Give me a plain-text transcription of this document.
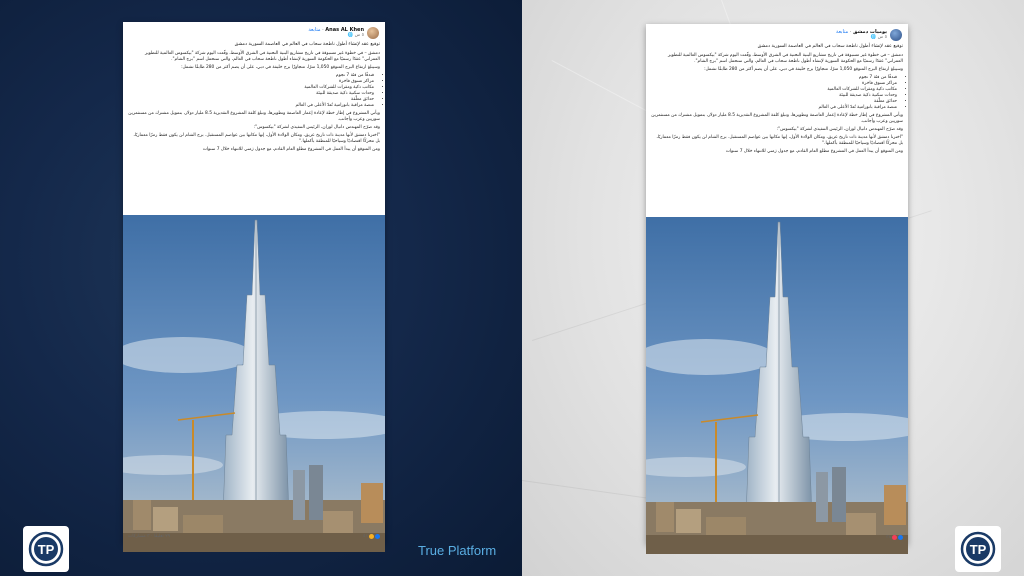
Anas AL Khen · متابعة
٥ س 🌐

توقيع عقد لإنشاء أطول ناطحة سحاب في العالم في العاصمة السورية دمشق

دمشق – في خطوة غير مسبوقة في تاريخ مشاريع البنية التحتية في الشرق الأوسط، وقّعت اليوم شركة "بيكسوس العالمية للتطوير العمراني" عقدًا رسميًا مع الحكومة السورية لإنشاء أطول ناطحة سحاب في العالم، والتي ستحمل اسم "برج الشام".

وسيبلغ ارتفاع البرج المتوقع 1,050 مترًا، متجاوزًا برج خليفة في دبي، على أن يضم أكثر من 280 طابقًا تشمل:

• فندقًا من فئة 7 نجوم
• مراكز تسوق فاخرة
• مكاتب ذكية ومقرات للشركات العالمية
• وحدات سكنية ذكية صديقة للبيئة
• حدائق معلّقة
• منصة مراقبة بانورامية تُعدّ الأعلى في العالم

ويأتي المشروع في إطار خطة لإعادة إعمار العاصمة وتطويرها، وتبلغ كلفة المشروع التقديرية 8.5 مليار دولار، بتمويل مشترك من مستثمرين سوريين وعرب وأجانب.

وقد صرّح المهندس دانيال لوران، الرئيس التنفيذي لشركة "بيكسوس":

"اخترنا دمشق لأنها مدينة ذات تاريخ عريق، ومكان الولادة الأول، إنها مكانها بين عواصم المستقبل. برج الشام لن يكون فقط رمزًا معماريًا، بل محركًا اقتصاديًا وسياحيًا للمنطقة بأكملها."

ومن المتوقع أن يبدأ العمل في المشروع مطلع العام القادم، مع جدول زمني للانتهاء خلال 7 سنوات

٢٩ تعليقًا · ٣ مشاركات	٤١
يوميات دمشق · متابعة
٥ س 🌐

توقيع عقد لإنشاء أطول ناطحة سحاب في العالم في العاصمة السورية دمشق

دمشق – في خطوة غير مسبوقة في تاريخ مشاريع البنية التحتية في الشرق الأوسط، وقّعت اليوم شركة "بيكسوس العالمية للتطوير العمراني" عقدًا رسميًا مع الحكومة السورية لإنشاء أطول ناطحة سحاب في العالم، والتي ستحمل اسم "برج الشام".

وسيبلغ ارتفاع البرج المتوقع 1,050 مترًا، متجاوزًا برج خليفة في دبي، على أن يضم أكثر من 280 طابقًا تشمل:

• فندقًا من فئة 7 نجوم
• مراكز تسوق فاخرة
• مكاتب ذكية ومقرات للشركات العالمية
• وحدات سكنية ذكية صديقة للبيئة
• حدائق معلّقة
• منصة مراقبة بانورامية تُعدّ الأعلى في العالم

ويأتي المشروع في إطار خطة لإعادة إعمار العاصمة وتطويرها، وتبلغ كلفة المشروع التقديرية 8.5 مليار دولار، بتمويل مشترك من مستثمرين سوريين وعرب وأجانب.

وقد صرّح المهندس دانيال لوران، الرئيس التنفيذي لشركة "بيكسوس":

"اخترنا دمشق لأنها مدينة ذات تاريخ عريق، ومكان الولادة الأول، إنها مكانها بين عواصم المستقبل. برج الشام لن يكون فقط رمزًا معماريًا، بل محركًا اقتصاديًا وسياحيًا للمنطقة بأكملها."

ومن المتوقع أن يبدأ العمل في المشروع مطلع العام القادم، مع جدول زمني للانتهاء خلال 7 سنوات

٣٨
TP	TP
True Platform
